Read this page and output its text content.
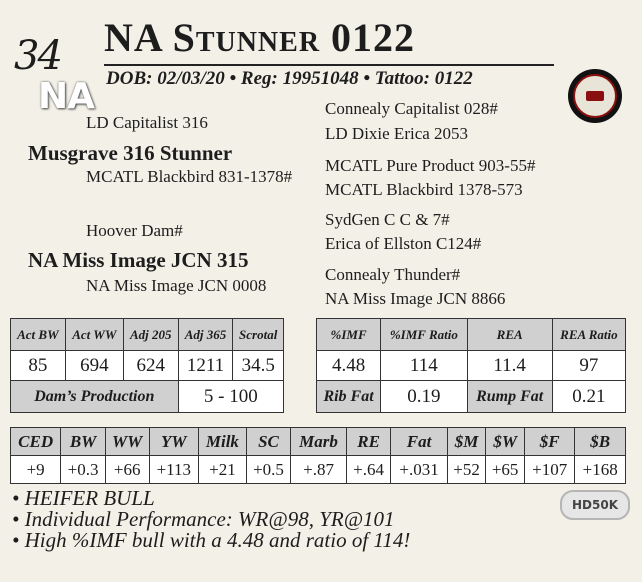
34
NA
NA Stunner 0122
DOB: 02/03/20 • Reg: 19951048 • Tattoo: 0122
LD Capitalist 316
Musgrave 316 Stunner
MCATL Blackbird 831-1378#
Hoover Dam#
NA Miss Image JCN 315
NA Miss Image JCN 0008
Connealy Capitalist 028#
LD Dixie Erica 2053
MCATL Pure Product 903-55#
MCATL Blackbird 1378-573
SydGen C C & 7#
Erica of Ellston C124#
Connealy Thunder#
NA Miss Image JCN 8866
Act BW	Act WW	Adj 205	Adj 365	Scrotal
85	694	624	1211	34.5
Dam’s Production			5 - 100	
%IMF	%IMF Ratio	REA	REA Ratio
4.48	114	11.4	97
Rib Fat	0.19	Rump Fat	0.21
CED	BW	WW	YW	Milk	SC	Marb	RE	Fat	$M	$W	$F	$B
+9	+0.3	+66	+113	+21	+0.5	+.87	+.64	+.031	+52	+65	+107	+168
• HEIFER BULL
• Individual Performance: WR@98, YR@101
• High %IMF bull with a 4.48 and ratio of 114!
HD50K
